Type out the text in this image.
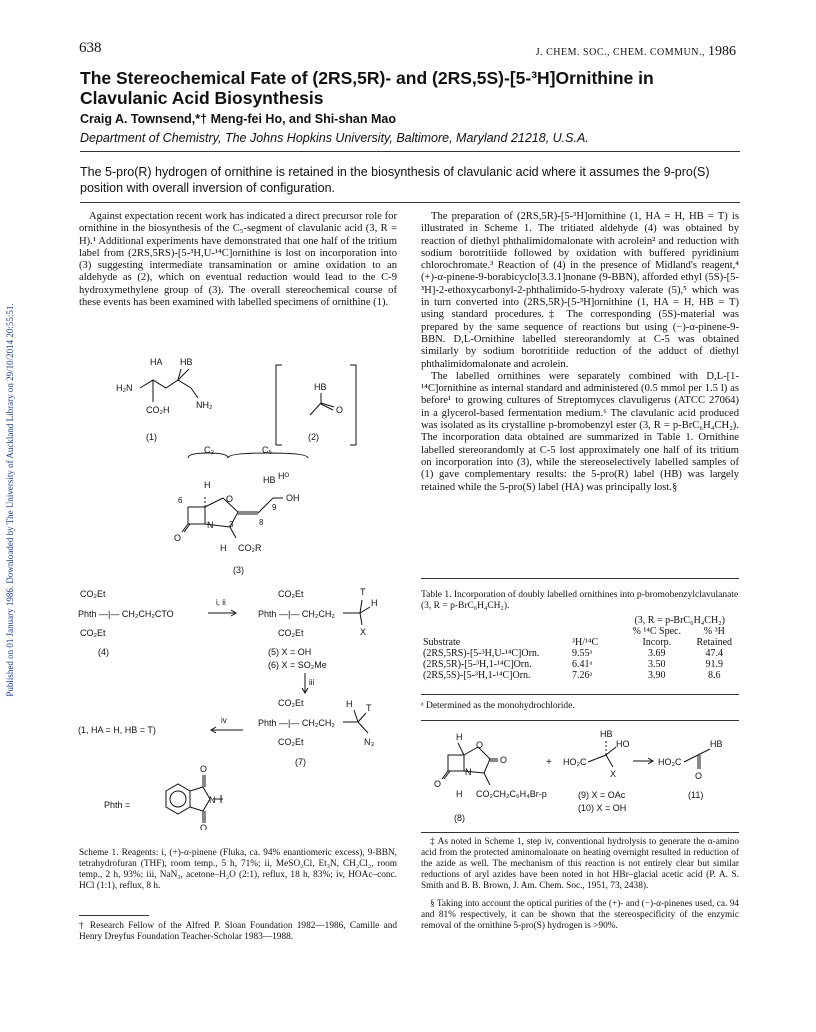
Published on 01 January 1986. Downloaded by The University of Auckland Library on 29/10/2014 20:55:51.
638	J. CHEM. SOC., CHEM. COMMUN., 1986
The Stereochemical Fate of (2RS,5R)- and (2RS,5S)-[5-³H]Ornithine in Clavulanic Acid Biosynthesis
Craig A. Townsend,*† Meng-fei Ho, and Shi-shan Mao
Department of Chemistry, The Johns Hopkins University, Baltimore, Maryland 21218, U.S.A.
The 5-pro(R) hydrogen of ornithine is retained in the biosynthesis of clavulanic acid where it assumes the 9-pro(S) position with overall inversion of configuration.

Against expectation recent work has indicated a direct precursor role for ornithine in the biosynthesis of the C₅-segment of clavulanic acid (3, R = H).¹ Additional experiments have demonstrated that one half of the tritium label from (2RS,5RS)-[5-³H,U-¹⁴C]ornithine is lost on incorporation into (3) suggesting intermediate transamination or amine oxidation to an aldehyde as (2), which on eventual reduction would lead to the C-9 hydroxymethylene group of (3). The overall stereochemical course of these events has been examined with labelled specimens of ornithine (1).

HA HB
H₂N
NH₂
CO₂H
(1)
HB
O
(2)
C₃	C₅
H	HB Hᴼ
OH
6
9
8
3
N
O
O
H CO₂R
(3)
CO₂Et
Phth —|— CH₂CH₂CTO
CO₂Et
(4)
i, ii
CO₂Et
Phth —|— CH₂CH₂
CO₂Et
T
H
X
(5) X = OH
(6) X = SO₂Me
iii
CO₂Et
Phth —|— CH₂CH₂
CO₂Et
H T
N₃
(7)
iv
(1, HA = H, HB = T)
Phth =
O
O
N
Scheme 1. Reagents: i, (+)-α-pinene (Fluka, ca. 94% enantiomeric excess), 9-BBN, tetrahydrofuran (THF), room temp., 5 h, 71%; ii, MeSO₂Cl, Et₃N, CH₂Cl₂, room temp., 2 h, 93%; iii, NaN₃, acetone–H₂O (2:1), reflux, 18 h, 83%; iv, HOAc–conc. HCl (1:1), reflux, 8 h.

† Research Fellow of the Alfred P. Sloan Foundation 1982—1986, Camille and Henry Dreyfus Foundation Teacher-Scholar 1983—1988.

The preparation of (2RS,5R)-[5-³H]ornithine (1, HA = H, HB = T) is illustrated in Scheme 1. The tritiated aldehyde (4) was obtained by reaction of diethyl phthalimidomalonate with acrolein² and reduction with sodium borotritiide followed by oxidation with buffered pyridinium chlorochromate.³ Reaction of (4) in the presence of Midland's reagent,⁴ (+)-α-pinene-9-borabicyclo[3.3.1]nonane (9-BBN), afforded ethyl (5S)-[5-³H]-2-ethoxycarbonyl-2-phthalimido-5-hydroxy valerate (5),⁵ which was in turn converted into (2RS,5R)-[5-³H]ornithine (1, HA = H, HB = T) using standard procedures.‡ The corresponding (5S)-material was prepared by the same sequence of reactions but using (−)-α-pinene-9-BBN. D,L-Ornithine labelled stereorandomly at C-5 was obtained similarly by sodium borotritiide reduction of the adduct of diethyl phthalimidomalonate and acrolein.

The labelled ornithines were separately combined with D,L-[1-¹⁴C]ornithine as internal standard and administered (0.5 mmol per 1.5 l) as before¹ to growing cultures of Streptomyces clavuligerus (ATCC 27064) in a glycerol-based fermentation medium.⁶ The clavulanic acid produced was isolated as its crystalline p-bromobenzyl ester (3, R = p-BrC₆H₄CH₂). The incorporation data obtained are summarized in Table 1. Ornithine labelled stereorandomly at C-5 lost approximately one half of its tritium on incorporation into (3), while the stereoselectively labelled samples of (1) gave complementary results: the 5-pro(R) label (HB) was largely retained while the 5-pro(S) label (HA) was principally lost.§

Table 1. Incorporation of doubly labelled ornithines into p-bromobenzylclavulanate (3, R = p-BrC₆H₄CH₂).
(3, R = p-BrC₆H₄CH₂)
		% ¹⁴C Spec.	% ³H
Substrate	³H/¹⁴C	Incorp.	Retained
(2RS,5RS)-[5-³H,U-¹⁴C]Orn.	9.55ᵃ	3.69	47.4
(2RS,5R)-[5-³H,1-¹⁴C]Orn.	6.41ᵃ	3.50	91.9
(2RS,5S)-[5-³H,1-¹⁴C]Orn.	7.26ᵃ	3.90	8.6
ᵃ Determined as the monohydrochloride.
H
O
O
N
O
H CO₂CH₂C₆H₄Br-p
(8)
+ HO₂C
HB
HO
X
(9) X = OAc
(10) X = OH
HO₂C
HB
O
(11)

‡ As noted in Scheme 1, step iv, conventional hydrolysis to generate the α-amino acid from the protected aminomalonate on heating overnight resulted in reduction of the azide as well. The mechanism of this reaction is not entirely clear but similar reductions of aryl azides have been noted in hot HBr–glacial acetic acid (P. A. S. Smith and B. B. Brown, J. Am. Chem. Soc., 1951, 73, 2438).

§ Taking into account the optical purities of the (+)- and (−)-α-pinenes used, ca. 94 and 81% respectively, it can be shown that the stereospecificity of the enzymic removal of the ornithine 5-pro(S) hydrogen is >90%.
